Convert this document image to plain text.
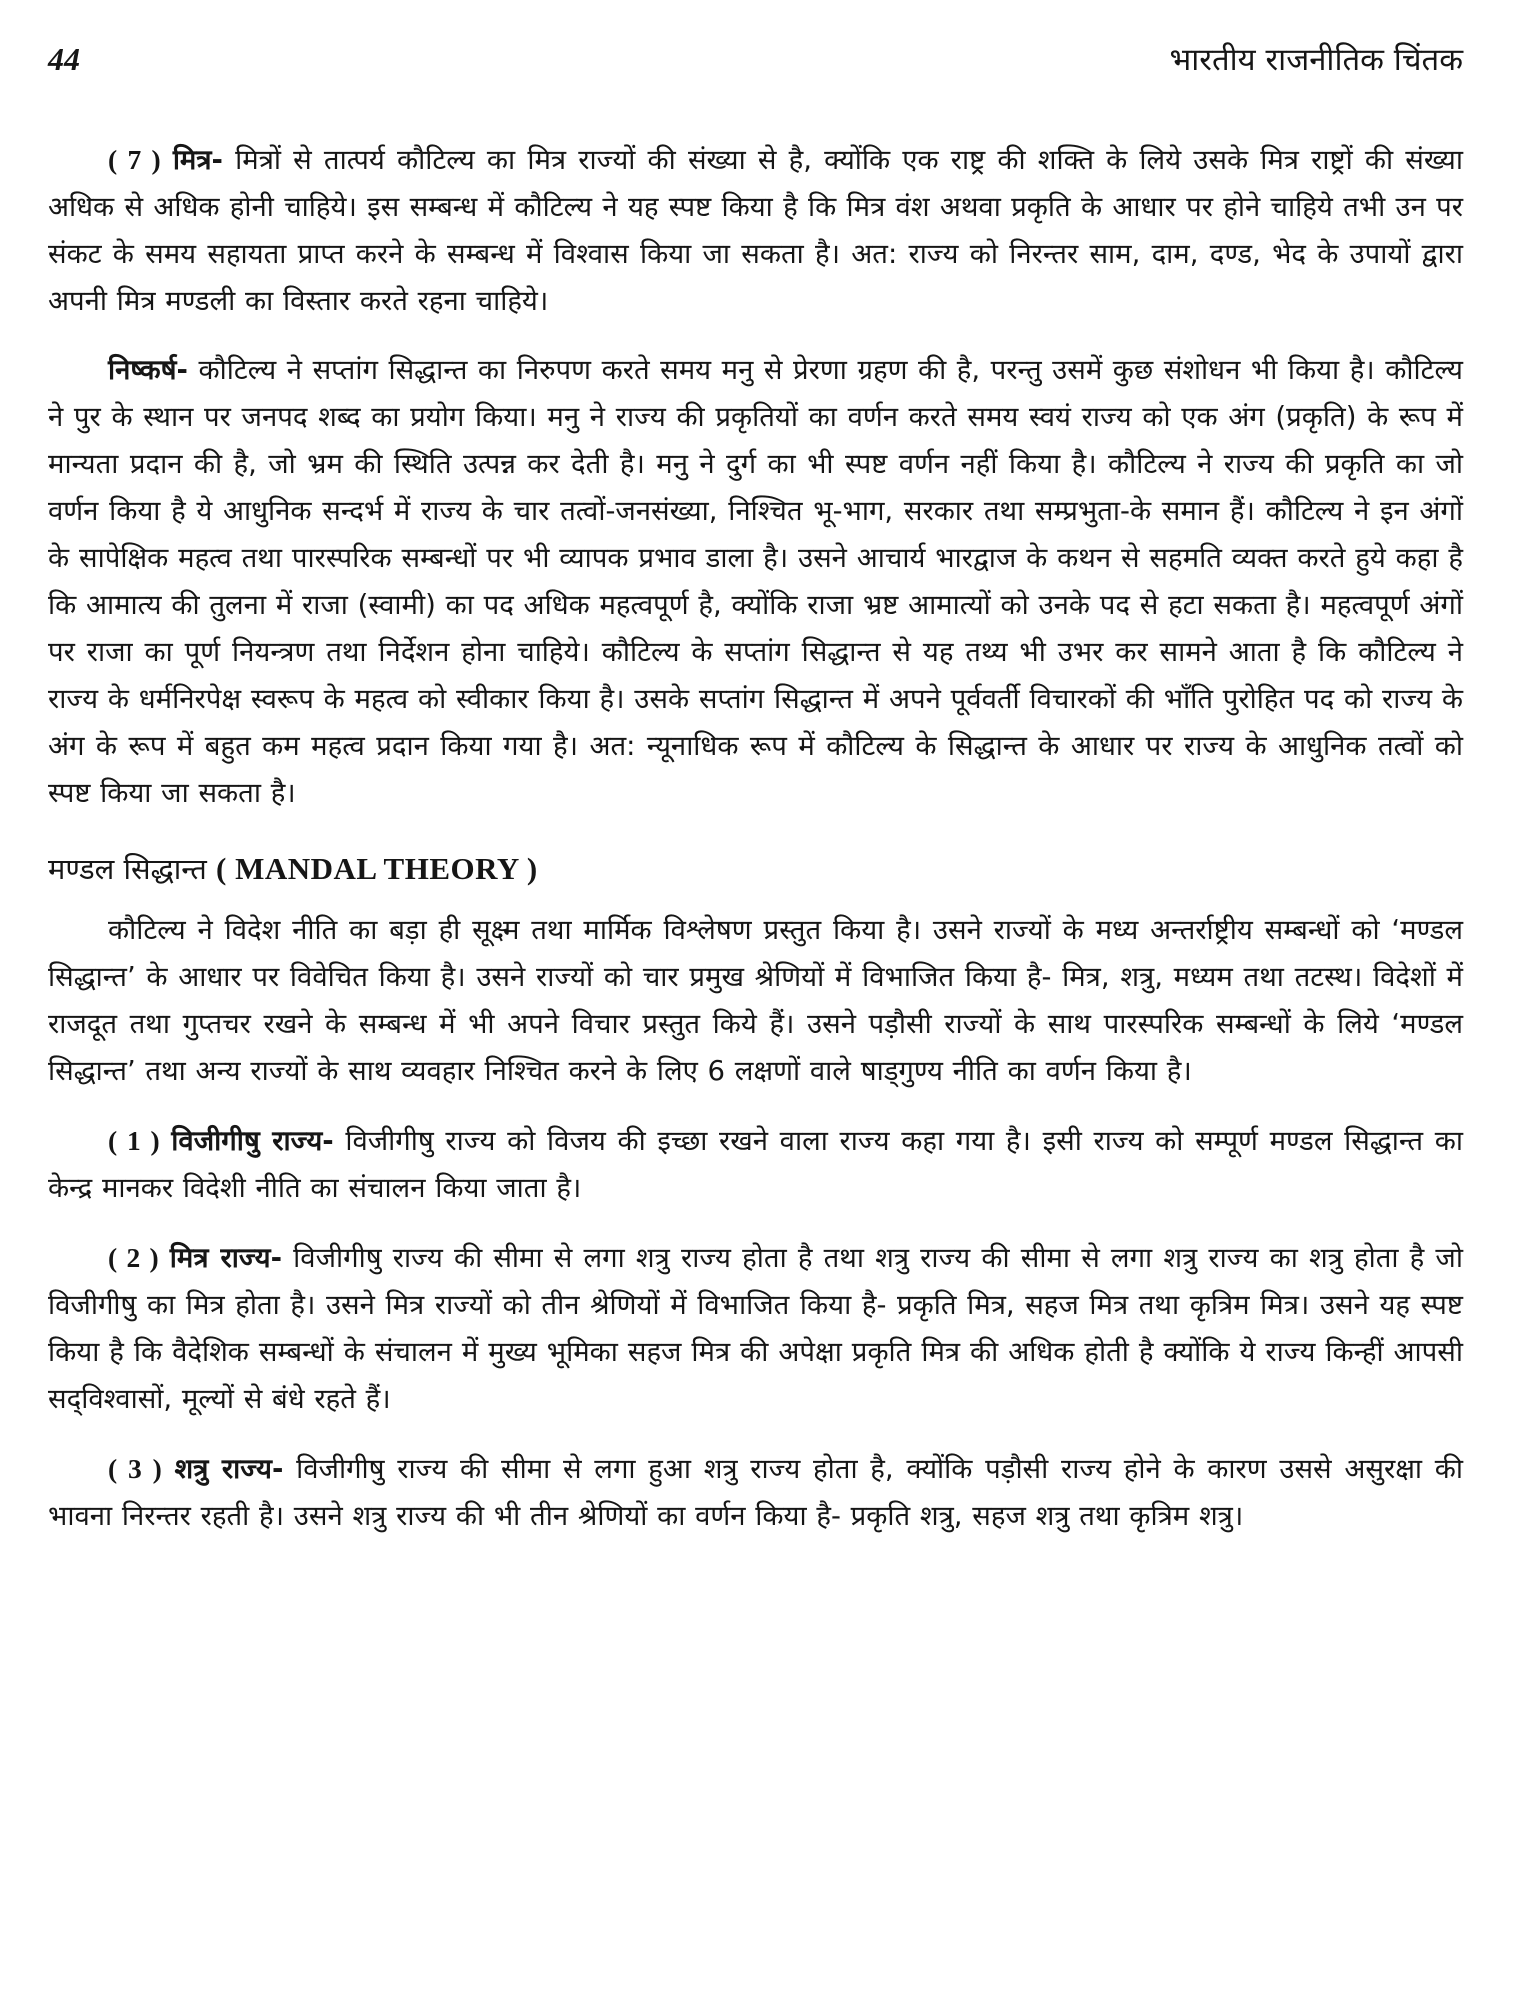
44	भारतीय राजनीतिक चिंतक

( 7 ) मित्र- मित्रों से तात्पर्य कौटिल्य का मित्र राज्यों की संख्या से है, क्योंकि एक राष्ट्र की शक्ति के लिये उसके मित्र राष्ट्रों की संख्या अधिक से अधिक होनी चाहिये। इस सम्बन्ध में कौटिल्य ने यह स्पष्ट किया है कि मित्र वंश अथवा प्रकृति के आधार पर होने चाहिये तभी उन पर संकट के समय सहायता प्राप्त करने के सम्बन्ध में विश्वास किया जा सकता है। अत: राज्य को निरन्तर साम, दाम, दण्ड, भेद के उपायों द्वारा अपनी मित्र मण्डली का विस्तार करते रहना चाहिये।

निष्कर्ष- कौटिल्य ने सप्तांग सिद्धान्त का निरुपण करते समय मनु से प्रेरणा ग्रहण की है, परन्तु उसमें कुछ संशोधन भी किया है। कौटिल्य ने पुर के स्थान पर जनपद शब्द का प्रयोग किया। मनु ने राज्य की प्रकृतियों का वर्णन करते समय स्वयं राज्य को एक अंग (प्रकृति) के रूप में मान्यता प्रदान की है, जो भ्रम की स्थिति उत्पन्न कर देती है। मनु ने दुर्ग का भी स्पष्ट वर्णन नहीं किया है। कौटिल्य ने राज्य की प्रकृति का जो वर्णन किया है ये आधुनिक सन्दर्भ में राज्य के चार तत्वों-जनसंख्या, निश्चित भू-भाग, सरकार तथा सम्प्रभुता-के समान हैं। कौटिल्य ने इन अंगों के सापेक्षिक महत्व तथा पारस्परिक सम्बन्धों पर भी व्यापक प्रभाव डाला है। उसने आचार्य भारद्वाज के कथन से सहमति व्यक्त करते हुये कहा है कि आमात्य की तुलना में राजा (स्वामी) का पद अधिक महत्वपूर्ण है, क्योंकि राजा भ्रष्ट आमात्यों को उनके पद से हटा सकता है। महत्वपूर्ण अंगों पर राजा का पूर्ण नियन्त्रण तथा निर्देशन होना चाहिये। कौटिल्य के सप्तांग सिद्धान्त से यह तथ्य भी उभर कर सामने आता है कि कौटिल्य ने राज्य के धर्मनिरपेक्ष स्वरूप के महत्व को स्वीकार किया है। उसके सप्तांग सिद्धान्त में अपने पूर्ववर्ती विचारकों की भाँति पुरोहित पद को राज्य के अंग के रूप में बहुत कम महत्व प्रदान किया गया है। अत: न्यूनाधिक रूप में कौटिल्य के सिद्धान्त के आधार पर राज्य के आधुनिक तत्वों को स्पष्ट किया जा सकता है।

मण्डल सिद्धान्त ( MANDAL THEORY )

कौटिल्य ने विदेश नीति का बड़ा ही सूक्ष्म तथा मार्मिक विश्लेषण प्रस्तुत किया है। उसने राज्यों के मध्य अन्तर्राष्ट्रीय सम्बन्धों को ‘मण्डल सिद्धान्त’ के आधार पर विवेचित किया है। उसने राज्यों को चार प्रमुख श्रेणियों में विभाजित किया है- मित्र, शत्रु, मध्यम तथा तटस्थ। विदेशों में राजदूत तथा गुप्तचर रखने के सम्बन्ध में भी अपने विचार प्रस्तुत किये हैं। उसने पड़ौसी राज्यों के साथ पारस्परिक सम्बन्धों के लिये ‘मण्डल सिद्धान्त’ तथा अन्य राज्यों के साथ व्यवहार निश्चित करने के लिए 6 लक्षणों वाले षाड्गुण्य नीति का वर्णन किया है।

( 1 ) विजीगीषु राज्य- विजीगीषु राज्य को विजय की इच्छा रखने वाला राज्य कहा गया है। इसी राज्य को सम्पूर्ण मण्डल सिद्धान्त का केन्द्र मानकर विदेशी नीति का संचालन किया जाता है।

( 2 ) मित्र राज्य- विजीगीषु राज्य की सीमा से लगा शत्रु राज्य होता है तथा शत्रु राज्य की सीमा से लगा शत्रु राज्य का शत्रु होता है जो विजीगीषु का मित्र होता है। उसने मित्र राज्यों को तीन श्रेणियों में विभाजित किया है- प्रकृति मित्र, सहज मित्र तथा कृत्रिम मित्र। उसने यह स्पष्ट किया है कि वैदेशिक सम्बन्धों के संचालन में मुख्य भूमिका सहज मित्र की अपेक्षा प्रकृति मित्र की अधिक होती है क्योंकि ये राज्य किन्हीं आपसी सद्‌विश्वासों, मूल्यों से बंधे रहते हैं।

( 3 ) शत्रु राज्य- विजीगीषु राज्य की सीमा से लगा हुआ शत्रु राज्य होता है, क्योंकि पड़ौसी राज्य होने के कारण उससे असुरक्षा की भावना निरन्तर रहती है। उसने शत्रु राज्य की भी तीन श्रेणियों का वर्णन किया है- प्रकृति शत्रु, सहज शत्रु तथा कृत्रिम शत्रु।
